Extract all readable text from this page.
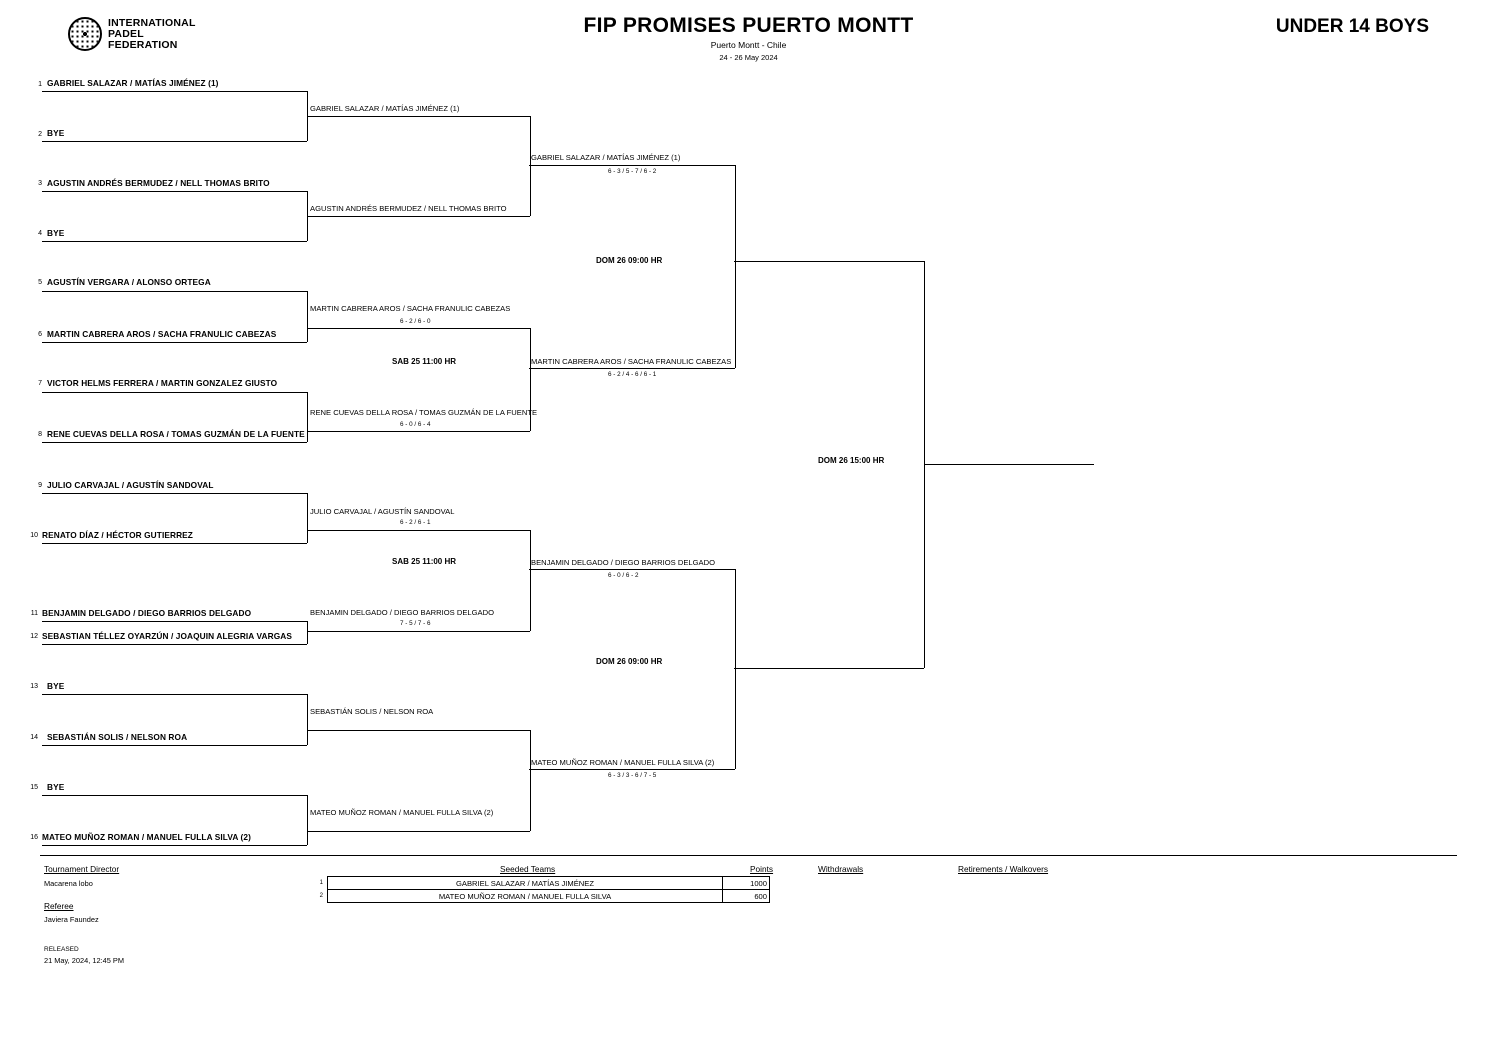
INTERNATIONAL
PADEL
FEDERATION
FIP PROMISES PUERTO MONTT
Puerto Montt - Chile
24 - 26 May 2024
UNDER 14 BOYS
1
2
3
4
5
6
7
8
9
10
11
12
13
14
15
16
GABRIEL SALAZAR / MATÍAS JIMÉNEZ (1)
BYE
AGUSTIN ANDRÉS BERMUDEZ / NELL THOMAS BRITO
BYE
AGUSTÍN VERGARA / ALONSO ORTEGA
MARTIN CABRERA AROS / SACHA FRANULIC CABEZAS
VICTOR HELMS FERRERA / MARTIN GONZALEZ GIUSTO
RENE CUEVAS DELLA ROSA / TOMAS GUZMÁN DE LA FUENTE
JULIO CARVAJAL / AGUSTÍN SANDOVAL
RENATO DÍAZ / HÉCTOR GUTIERREZ
BENJAMIN DELGADO / DIEGO BARRIOS DELGADO
SEBASTIAN TÉLLEZ OYARZÚN / JOAQUIN ALEGRIA VARGAS
BYE
SEBASTIÁN SOLIS / NELSON ROA
BYE
MATEO MUÑOZ ROMAN / MANUEL FULLA SILVA (2)
GABRIEL SALAZAR / MATÍAS JIMÉNEZ (1)
AGUSTIN ANDRÉS BERMUDEZ / NELL THOMAS BRITO
MARTIN CABRERA AROS / SACHA FRANULIC CABEZAS
6 - 2 / 6 - 0
RENE CUEVAS DELLA ROSA / TOMAS GUZMÁN DE LA FUENTE
6 - 0 / 6 - 4
JULIO CARVAJAL / AGUSTÍN SANDOVAL
6 - 2 / 6 - 1
BENJAMIN DELGADO / DIEGO BARRIOS DELGADO
7 - 5 / 7 - 6
SEBASTIÁN SOLIS / NELSON ROA
MATEO MUÑOZ ROMAN / MANUEL FULLA SILVA (2)
SAB 25 11:00 HR
SAB 25 11:00 HR
GABRIEL SALAZAR / MATÍAS JIMÉNEZ (1)
6 - 3 / 5 - 7 / 6 - 2
MARTIN CABRERA AROS / SACHA FRANULIC CABEZAS
6 - 2 / 4 - 6 / 6 - 1
BENJAMIN DELGADO / DIEGO BARRIOS DELGADO
6 - 0 / 6 - 2
MATEO MUÑOZ ROMAN / MANUEL FULLA SILVA (2)
6 - 3 / 3 - 6 / 7 - 5
DOM 26 09:00 HR
DOM 26 09:00 HR
DOM 26 15:00 HR
Tournament Director
Macarena lobo
Referee
Javiera Faundez
RELEASED
21 May, 2024, 12:45 PM
Seeded Teams	Points	Withdrawals	Retirements / Walkovers
1	GABRIEL SALAZAR / MATÍAS JIMÉNEZ	1000
2	MATEO MUÑOZ ROMAN / MANUEL FULLA SILVA	600
